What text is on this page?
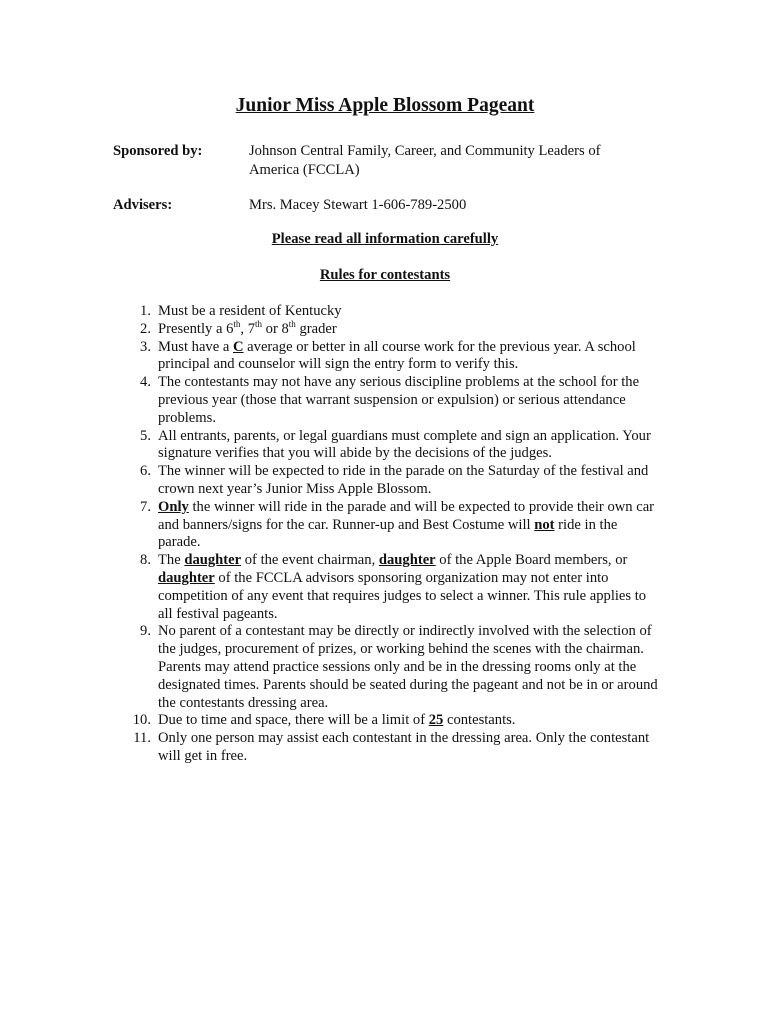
Junior Miss Apple Blossom Pageant
Sponsored by:	Johnson Central Family, Career, and Community Leaders of America (FCCLA)
Advisers:	Mrs. Macey Stewart 1-606-789-2500

Please read all information carefully

Rules for contestants

1. Must be a resident of Kentucky
2. Presently a 6th, 7th or 8th grader
3. Must have a C average or better in all course work for the previous year. A school principal and counselor will sign the entry form to verify this.
4. The contestants may not have any serious discipline problems at the school for the previous year (those that warrant suspension or expulsion) or serious attendance problems.
5. All entrants, parents, or legal guardians must complete and sign an application. Your signature verifies that you will abide by the decisions of the judges.
6. The winner will be expected to ride in the parade on the Saturday of the festival and crown next year’s Junior Miss Apple Blossom.
7. Only the winner will ride in the parade and will be expected to provide their own car and banners/signs for the car. Runner-up and Best Costume will not ride in the parade.
8. The daughter of the event chairman, daughter of the Apple Board members, or daughter of the FCCLA advisors sponsoring organization may not enter into competition of any event that requires judges to select a winner. This rule applies to all festival pageants.
9. No parent of a contestant may be directly or indirectly involved with the selection of the judges, procurement of prizes, or working behind the scenes with the chairman. Parents may attend practice sessions only and be in the dressing rooms only at the designated times. Parents should be seated during the pageant and not be in or around the contestants dressing area.
10. Due to time and space, there will be a limit of 25 contestants.
11. Only one person may assist each contestant in the dressing area. Only the contestant will get in free.
